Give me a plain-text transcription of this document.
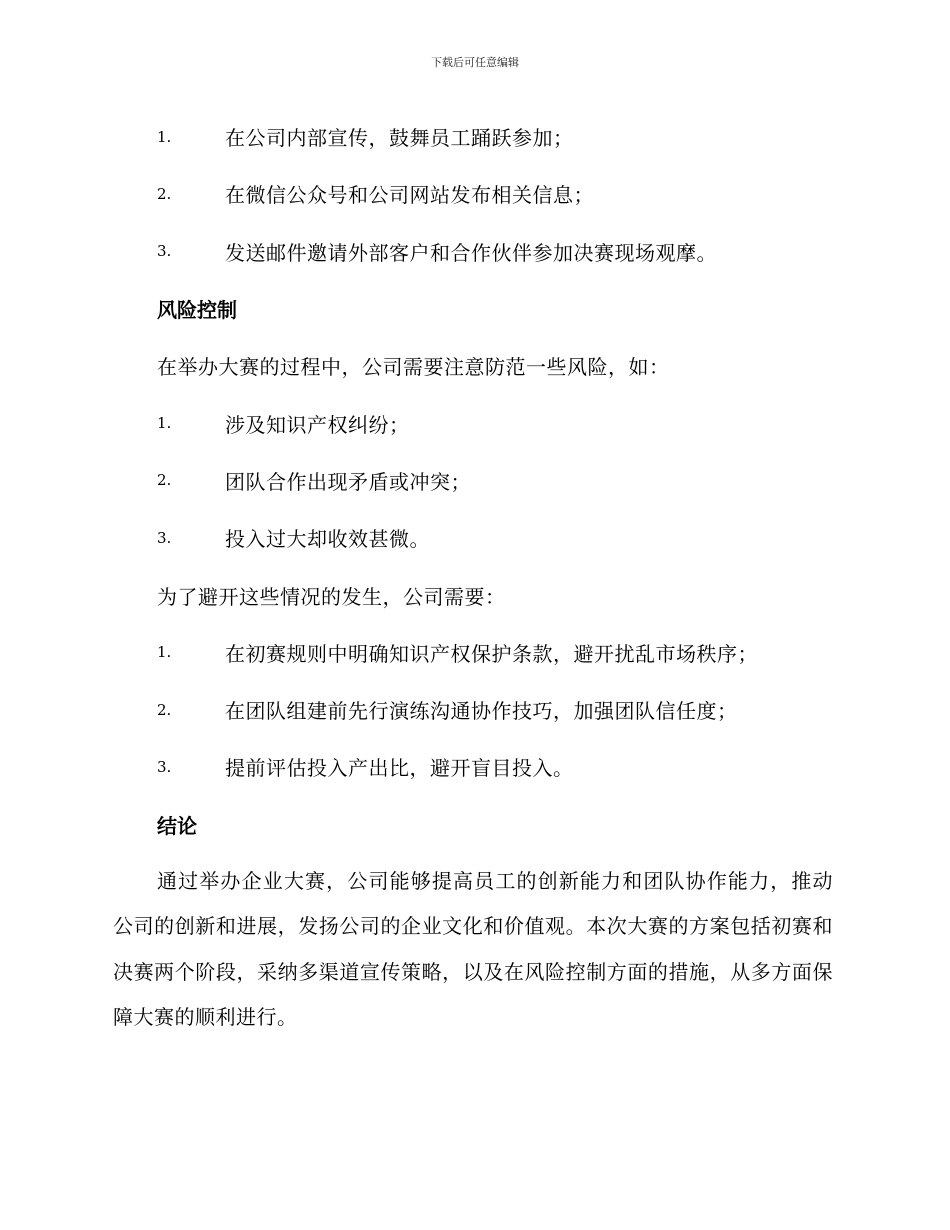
下载后可任意编辑
1.	在公司内部宣传，鼓舞员工踊跃参加；
2.	在微信公众号和公司网站发布相关信息；
3.	发送邮件邀请外部客户和合作伙伴参加决赛现场观摩。
风险控制
在举办大赛的过程中，公司需要注意防范一些风险，如：
1.	涉及知识产权纠纷；
2.	团队合作出现矛盾或冲突；
3.	投入过大却收效甚微。
为了避开这些情况的发生，公司需要：
1.	在初赛规则中明确知识产权保护条款，避开扰乱市场秩序；
2.	在团队组建前先行演练沟通协作技巧，加强团队信任度；
3.	提前评估投入产出比，避开盲目投入。
结论
通过举办企业大赛，公司能够提高员工的创新能力和团队协作能力，推动公司的创新和进展，发扬公司的企业文化和价值观。本次大赛的方案包括初赛和决赛两个阶段，采纳多渠道宣传策略，以及在风险控制方面的措施，从多方面保障大赛的顺利进行。
